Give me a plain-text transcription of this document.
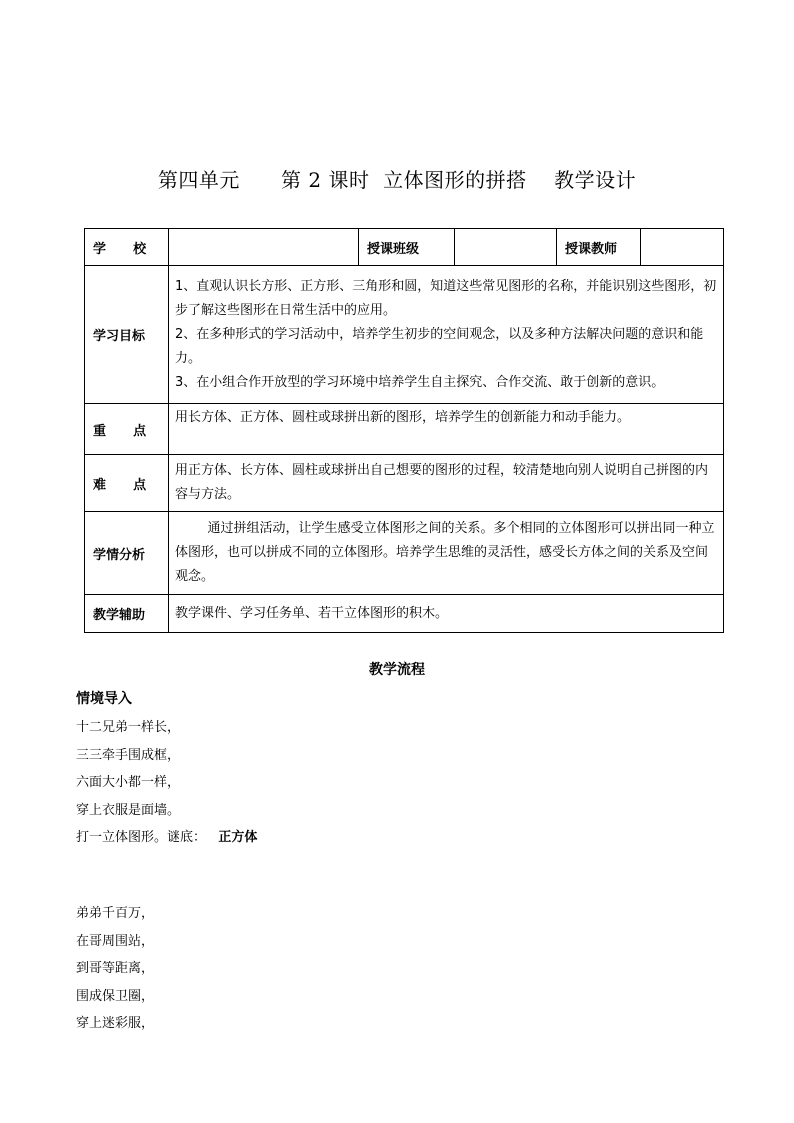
第四单元      第 2 课时  立体图形的拼搭    教学设计
学      校		授课班级		授课教师	
学习目标	1、直观认识长方形、正方形、三角形和圆，知道这些常见图形的名称，并能识别这些图形，初步了解这些图形在日常生活中的应用。

2、在多种形式的学习活动中，培养学生初步的空间观念，以及多种方法解决问题的意识和能力。

3、在小组合作开放型的学习环境中培养学生自主探究、合作交流、敢于创新的意识。				

重      点	用长方体、正方体、圆柱或球拼出新的图形，培养学生的创新能力和动手能力。				
难      点	用正方体、长方体、圆柱或球拼出自己想要的图形的过程，较清楚地向别人说明自己拼图的内 容与方法。				
学情分析	通过拼组活动，让学生感受立体图形之间的关系。多个相同的立体图形可以拼出同一种立体图形，也可以拼成不同的立体图形。培养学生思维的灵活性，感受长方体之间的关系及空间观念。				
教学辅助	教学课件、学习任务单、若干立体图形的积木。				
教学流程
情境导入
十二兄弟一样长，
三三牵手围成框，
六面大小都一样，
穿上衣服是面墙。
打一立体图形。谜底： 正方体
弟弟千百万，
在哥周围站，
到哥等距离，
围成保卫圈，
穿上迷彩服，
